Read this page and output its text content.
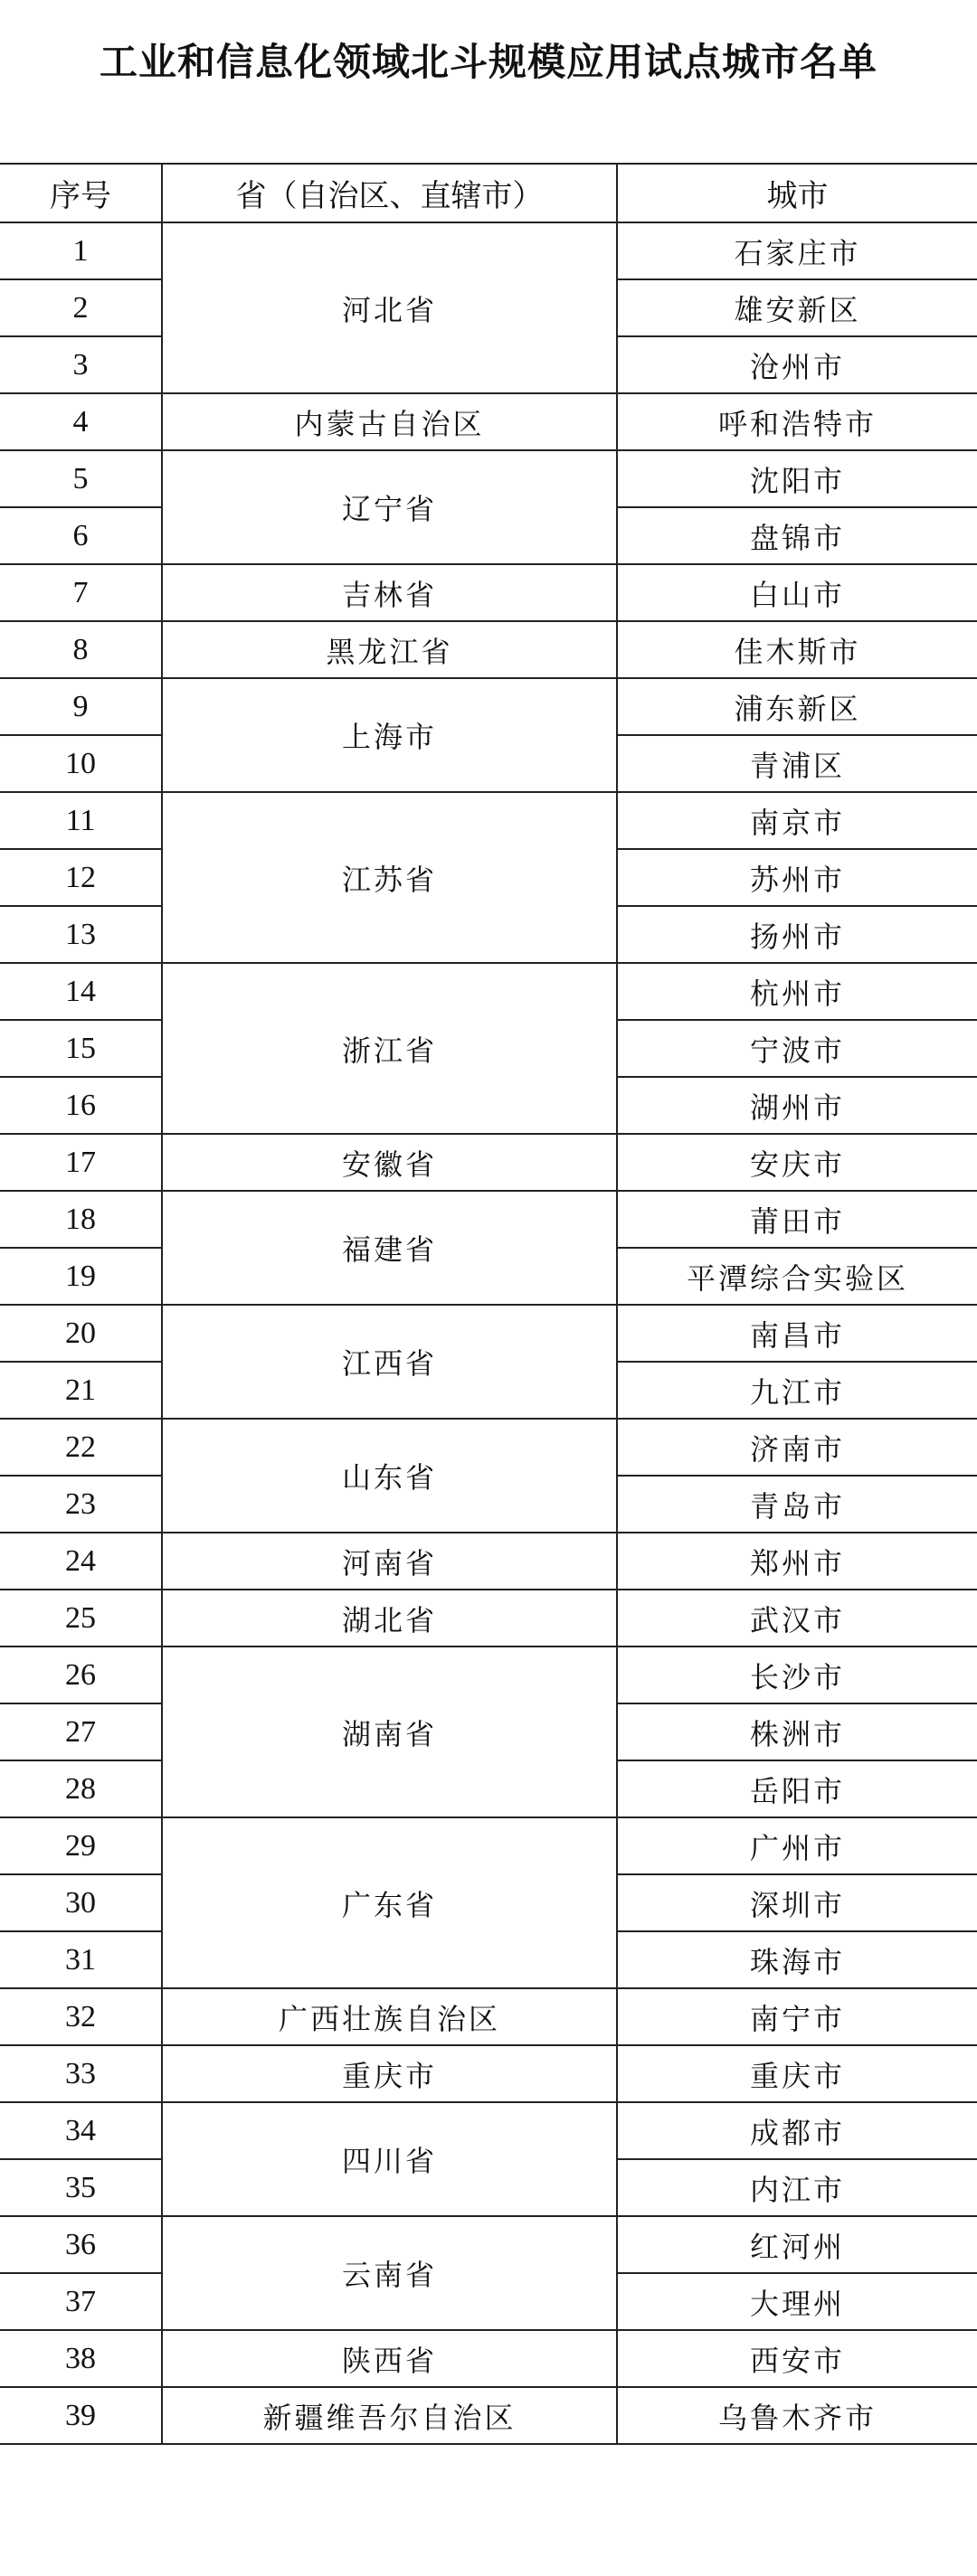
工业和信息化领域北斗规模应用试点城市名单
序号	省（自治区、直辖市）	城市
1	河北省	石家庄市
2		雄安新区
3		沧州市
4	内蒙古自治区	呼和浩特市
5	辽宁省	沈阳市
6		盘锦市
7	吉林省	白山市
8	黑龙江省	佳木斯市
9	上海市	浦东新区
10		青浦区
11	江苏省	南京市
12		苏州市
13		扬州市
14	浙江省	杭州市
15		宁波市
16		湖州市
17	安徽省	安庆市
18	福建省	莆田市
19		平潭综合实验区
20	江西省	南昌市
21		九江市
22	山东省	济南市
23		青岛市
24	河南省	郑州市
25	湖北省	武汉市
26	湖南省	长沙市
27		株洲市
28		岳阳市
29	广东省	广州市
30		深圳市
31		珠海市
32	广西壮族自治区	南宁市
33	重庆市	重庆市
34	四川省	成都市
35		内江市
36	云南省	红河州
37		大理州
38	陕西省	西安市
39	新疆维吾尔自治区	乌鲁木齐市
